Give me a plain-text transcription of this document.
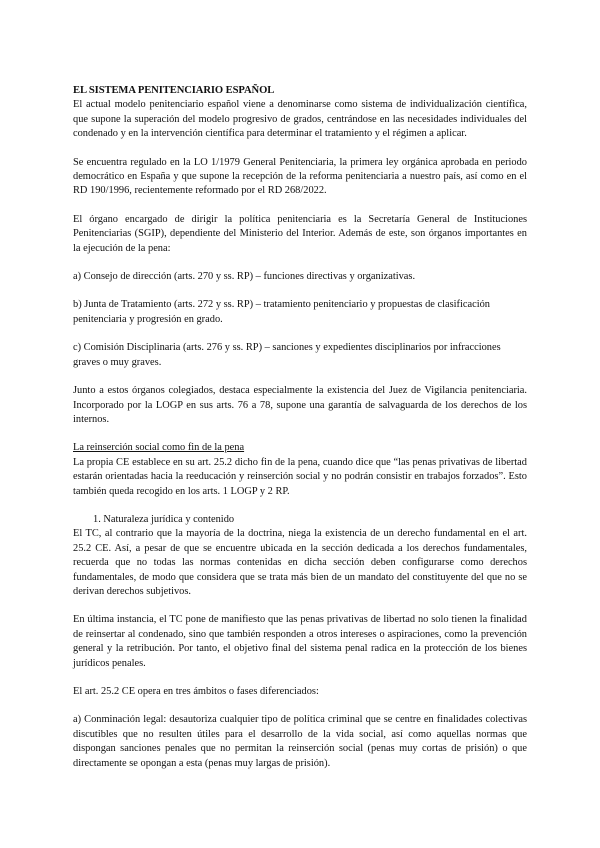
EL SISTEMA PENITENCIARIO ESPAÑOL

El actual modelo penitenciario español viene a denominarse como sistema de individualización científica, que supone la superación del modelo progresivo de grados, centrándose en las necesidades individuales del condenado y en la intervención científica para determinar el tratamiento y el régimen a aplicar.

Se encuentra regulado en la LO 1/1979 General Penitenciaria, la primera ley orgánica aprobada en periodo democrático en España y que supone la recepción de la reforma penitenciaria a nuestro país, así como en el RD 190/1996, recientemente reformado por el RD 268/2022.

El órgano encargado de dirigir la política penitenciaria es la Secretaría General de Instituciones Penitenciarias (SGIP), dependiente del Ministerio del Interior. Además de este, son órganos importantes en la ejecución de la pena:

a) Consejo de dirección (arts. 270 y ss. RP) – funciones directivas y organizativas.

b) Junta de Tratamiento (arts. 272 y ss. RP) – tratamiento penitenciario y propuestas de clasificación penitenciaria y progresión en grado.

c) Comisión Disciplinaria (arts. 276 y ss. RP) – sanciones y expedientes disciplinarios por infracciones graves o muy graves.

Junto a estos órganos colegiados, destaca especialmente la existencia del Juez de Vigilancia penitenciaria. Incorporado por la LOGP en sus arts. 76 a 78, supone una garantía de salvaguarda de los derechos de los internos.

La reinserción social como fin de la pena

La propia CE establece en su art. 25.2 dicho fin de la pena, cuando dice que “las penas privativas de libertad estarán orientadas hacia la reeducación y reinserción social y no podrán consistir en trabajos forzados”. Esto también queda recogido en los arts. 1 LOGP y 2 RP.

1. Naturaleza jurídica y contenido

El TC, al contrario que la mayoría de la doctrina, niega la existencia de un derecho fundamental en el art. 25.2 CE. Así, a pesar de que se encuentre ubicada en la sección dedicada a los derechos fundamentales, recuerda que no todas las normas contenidas en dicha sección deben configurarse como derechos fundamentales, de modo que considera que se trata más bien de un mandato del constituyente del que no se derivan derechos subjetivos.

En última instancia, el TC pone de manifiesto que las penas privativas de libertad no solo tienen la finalidad de reinsertar al condenado, sino que también responden a otros intereses o aspiraciones, como la prevención general y la retribución. Por tanto, el objetivo final del sistema penal radica en la protección de los bienes jurídicos penales.

El art. 25.2 CE opera en tres ámbitos o fases diferenciados:

a) Conminación legal: desautoriza cualquier tipo de política criminal que se centre en finalidades colectivas discutibles que no resulten útiles para el desarrollo de la vida social, así como aquellas normas que dispongan sanciones penales que no permitan la reinserción social (penas muy cortas de prisión) o que directamente se opongan a esta (penas muy largas de prisión).
